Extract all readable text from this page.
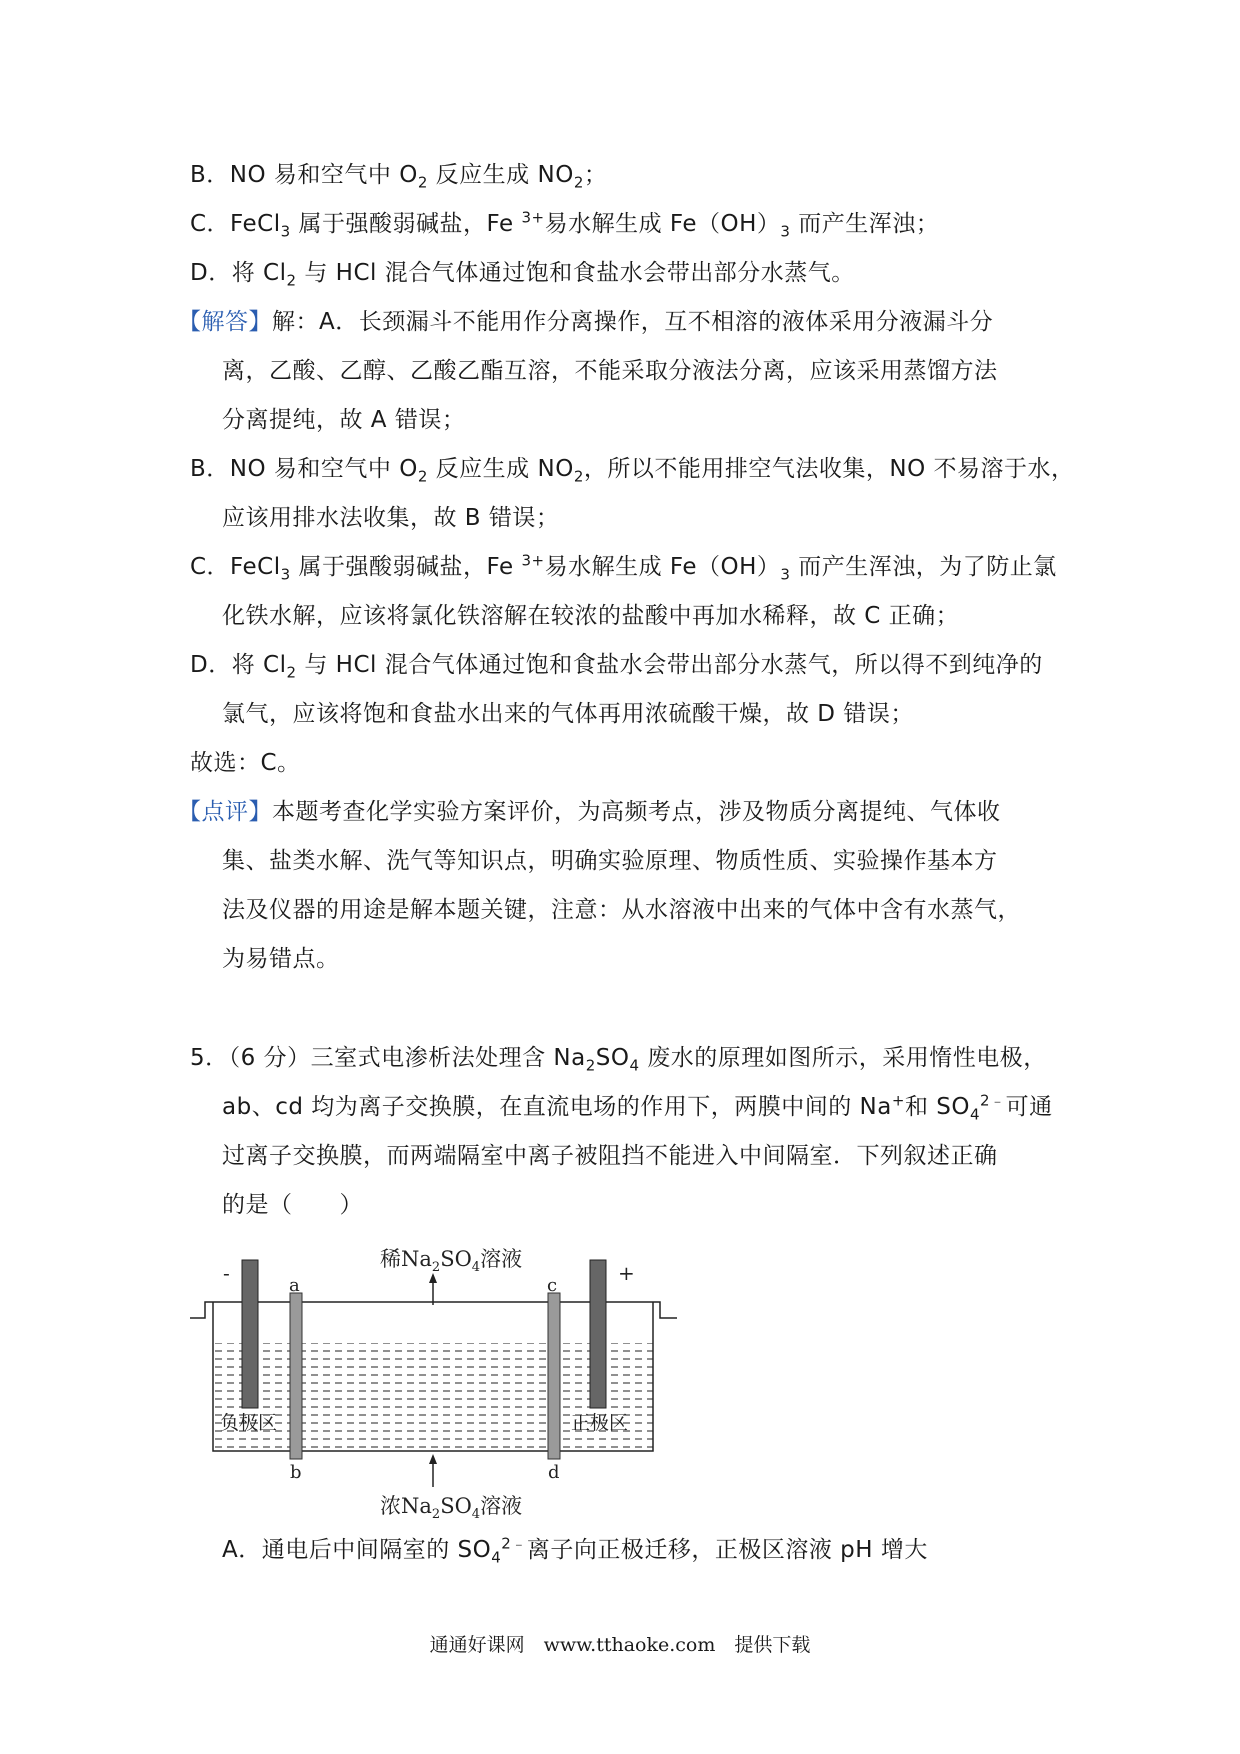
B．NO 易和空气中 $O_2$ 反应生成 $NO_2$；
C．FeCl$_3$ 属于强酸弱碱盐，Fe $^{3+}$易水解生成 $Fe(OH)_3$ 而产生浑浊；
D．将 $Cl_2$ 与 HCl 混合气体通过饱和食盐水会带出部分水蒸气。
【解答】解：A．长颈漏斗不能用作分离操作，互不相溶的液体采用分液漏斗分
离，乙酸、乙醇、乙酸乙酯互溶，不能采取分液法分离，应该采用蒸馏方法
分离提纯，故 A 错误；
B．NO 易和空气中 $O_2$ 反应生成 $NO_2$，所以不能用排空气法收集，NO 不易溶于水，
应该用排水法收集，故 B 错误；
C．FeCl$_3$ 属于强酸弱碱盐，Fe $^{3+}$易水解生成 $Fe(OH)_3$ 而产生浑浊，为了防止氯
化铁水解，应该将氯化铁溶解在较浓的盐酸中再加水稀释，故 C 正确；
D．将 $Cl_2$ 与 HCl 混合气体通过饱和食盐水会带出部分水蒸气，所以得不到纯净的
氯气，应该将饱和食盐水出来的气体再用浓硫酸干燥，故 D 错误；
故选：C。
【点评】本题考查化学实验方案评价，为高频考点，涉及物质分离提纯、气体收
集、盐类水解、洗气等知识点，明确实验原理、物质性质、实验操作基本方
法及仪器的用途是解本题关键，注意：从水溶液中出来的气体中含有水蒸气，
为易错点。
5．（6 分）三室式电渗析法处理含 $Na_2SO_4$ 废水的原理如图所示，采用惰性电极，
ab、cd 均为离子交换膜，在直流电场的作用下，两膜中间的 Na+和 $SO_4^{2﹣}$可通
过离子交换膜，而两端隔室中离子被阻挡不能进入中间隔室．下列叙述正确
的是（　　）
稀$Na_2SO_4$溶液
-	+
a	c
b	d
负极区	正极区
浓$Na_2SO_4$溶液
A．通电后中间隔室的 $SO_4^{2﹣}$离子向正极迁移，正极区溶液 pH 增大
通通好课网　www.tthaoke.com　提供下载
